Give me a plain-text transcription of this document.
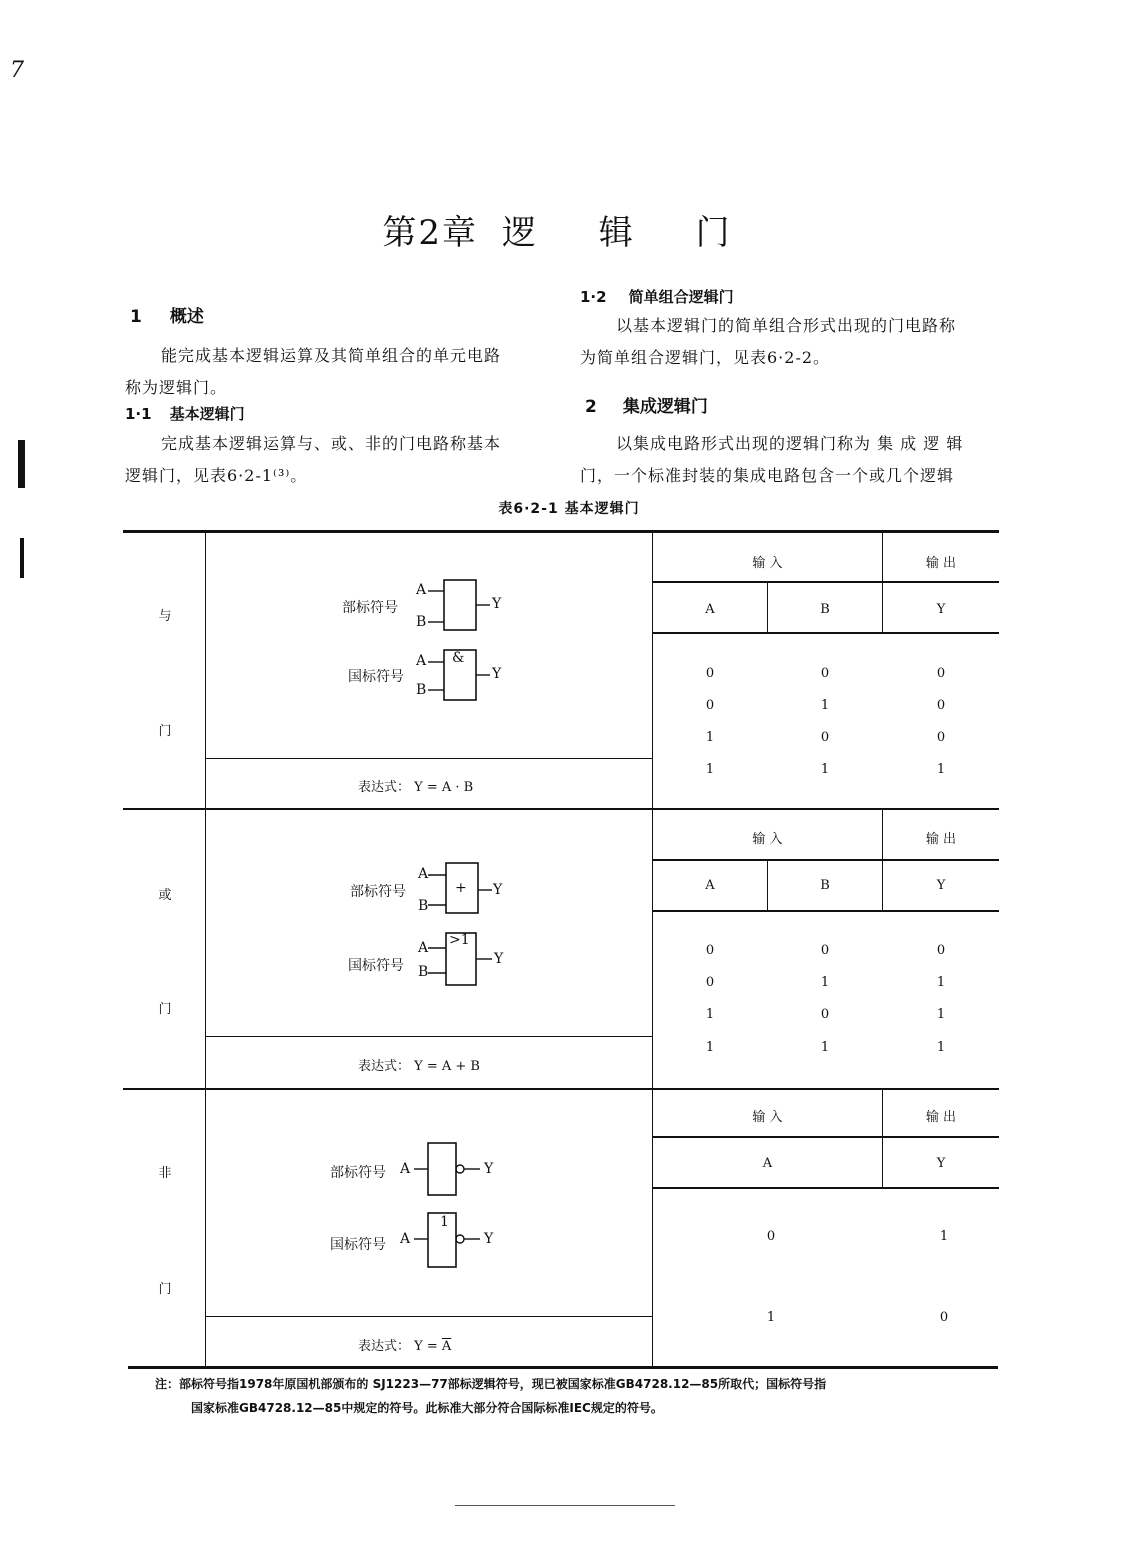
7
第2章 逻 辑 门
1 概述
能完成基本逻辑运算及其简单组合的单元电路
称为逻辑门。
1·1 基本逻辑门
完成基本逻辑运算与、或、非的门电路称基本
逻辑门，见表6·2-1⁽³⁾。
1·2 简单组合逻辑门
以基本逻辑门的简单组合形式出现的门电路称
为简单组合逻辑门，见表6·2-2。
2 集成逻辑门
以集成电路形式出现的逻辑门称为 集 成 逻 辑
门，一个标准封装的集成电路包含一个或几个逻辑
表6·2-1 基本逻辑门
与
门
部标符号
A
B
Y
国标符号
&
A
B
Y
表达式： Y = A · B
输 入	输 出
A	B	Y
0	0	0
0	1	0
1	0	0
1	1	1
或
门
部标符号	+
A
B
Y
国标符号
>1
A
B
Y
表达式： Y = A + B
输 入	输 出
A	B	Y
0	0	0
0	1	1
1	0	1
1	1	1
非
门
部标符号 A	Y
国标符号
1
A	Y
表达式： $Y = \overline{A}$
输 入	输 出
A	Y
0	1
1	0
注：部标符号指1978年原国机部颁布的 SJ1223—77部标逻辑符号，现已被国家标准GB4728.12—85所取代；国标符号指
国家标准GB4728.12—85中规定的符号。此标准大部分符合国际标准IEC规定的符号。
